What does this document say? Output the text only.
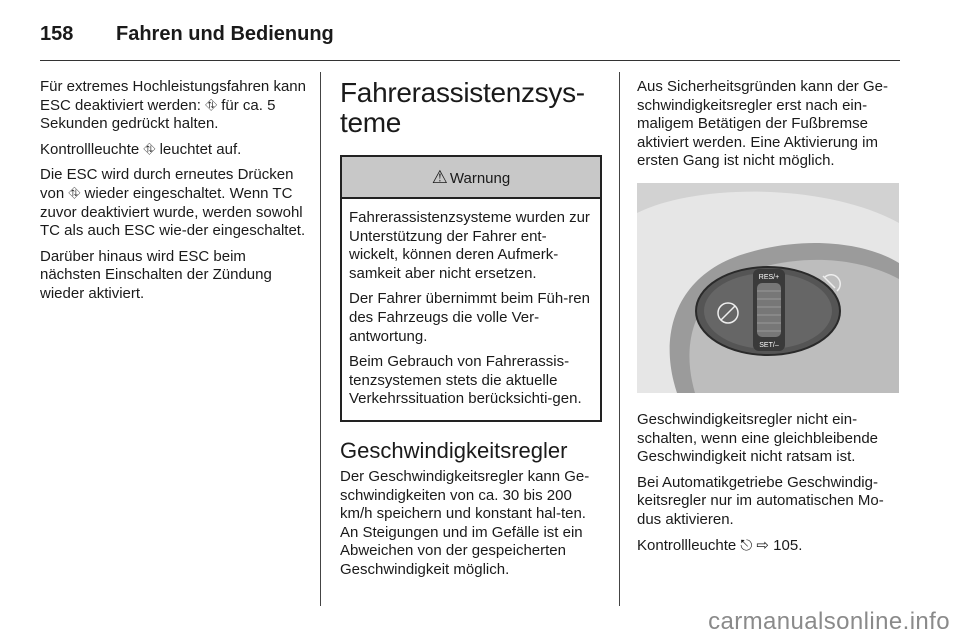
158 Fahren und Bedienung

Für extremes Hochleistungsfahren kann ESC deaktiviert werden: ⛗ für ca. 5 Sekunden gedrückt halten.

Kontrollleuchte ⛗ leuchtet auf.

Die ESC wird durch erneutes Drücken von ⛗ wieder eingeschaltet. Wenn TC zuvor deaktiviert wurde, werden sowohl TC als auch ESC wie-der eingeschaltet.

Darüber hinaus wird ESC beim nächsten Einschalten der Zündung wieder aktiviert.

Fahrerassistenzsys-teme
⚠ Warnung

Fahrerassistenzsysteme wurden zur Unterstützung der Fahrer ent-wickelt, können deren Aufmerk-samkeit aber nicht ersetzen.

Der Fahrer übernimmt beim Füh-ren des Fahrzeugs die volle Ver-antwortung.

Beim Gebrauch von Fahrerassis-tenzsystemen stets die aktuelle Verkehrssituation berücksichti-gen.

Geschwindigkeitsregler

Der Geschwindigkeitsregler kann Ge-schwindigkeiten von ca. 30 bis 200 km/h speichern und konstant hal-ten. An Steigungen und im Gefälle ist ein Abweichen von der gespeicherten Geschwindigkeit möglich.

Aus Sicherheitsgründen kann der Ge-schwindigkeitsregler erst nach ein-maligem Betätigen der Fußbremse aktiviert werden. Eine Aktivierung im ersten Gang ist nicht möglich.

RES/+
SET/–

Geschwindigkeitsregler nicht ein-schalten, wenn eine gleichbleibende Geschwindigkeit nicht ratsam ist.

Bei Automatikgetriebe Geschwindig-keitsregler nur im automatischen Mo-dus aktivieren.

Kontrollleuchte ⎋ ⇨ 105.

carmanualsonline.info
